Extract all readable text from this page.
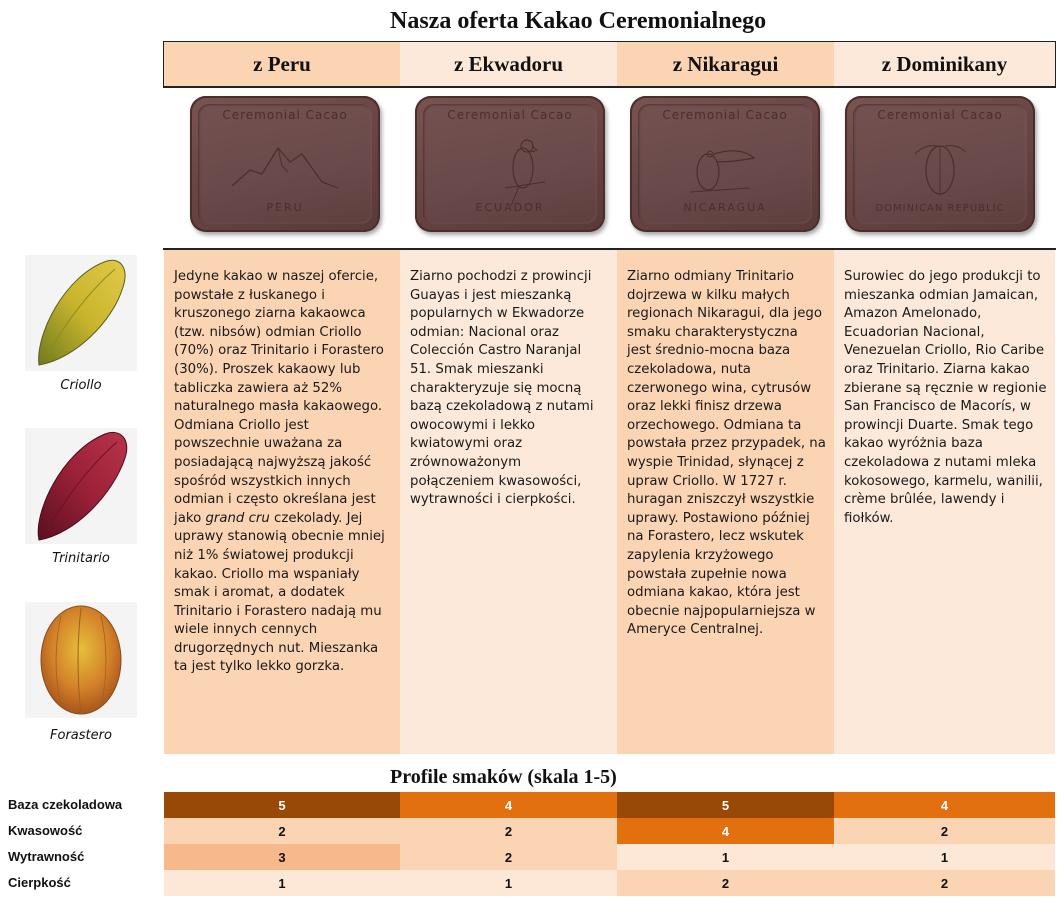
Nasza oferta Kakao Ceremonialnego
z Peru	z Ekwadoru	z Nikaragui	z Dominikany
Ceremonial Cacao
PERU
Ceremonial Cacao
ECUADOR
Ceremonial Cacao
NICARAGUA
Ceremonial Cacao
DOMINICAN REPUBLIC
Jedyne kakao w naszej ofercie, powstałe z łuskanego i kruszonego ziarna kakaowca (tzw. nibsów) odmian Criollo (70%) oraz Trinitario i Forastero (30%). Proszek kakaowy lub tabliczka zawiera aż 52% naturalnego masła kakaowego. Odmiana Criollo jest powszechnie uważana za posiadającą najwyższą jakość spośród wszystkich innych odmian i często określana jest jako grand cru czekolady. Jej uprawy stanowią obecnie mniej niż 1% światowej produkcji kakao. Criollo ma wspaniały smak i aromat, a dodatek Trinitario i Forastero nadają mu wiele innych cennych drugorzędnych nut. Mieszanka ta jest tylko lekko gorzka.
Ziarno pochodzi z prowincji Guayas i jest mieszanką popularnych w Ekwadorze odmian: Nacional oraz Colección Castro Naranjal  51. Smak mieszanki charakteryzuje się mocną bazą czekoladową z nutami owocowymi i lekko kwiatowymi oraz zrównoważonym połączeniem kwasowości, wytrawności i cierpkości.
Ziarno odmiany Trinitario dojrzewa w kilku małych regionach Nikaragui, dla jego smaku charakterystyczna jest średnio-mocna baza czekoladowa, nuta czerwonego wina, cytrusów oraz lekki finisz drzewa orzechowego. Odmiana ta powstała przez przypadek, na wyspie Trinidad, słynącej z upraw Criollo. W 1727 r. huragan zniszczył wszystkie uprawy. Postawiono później na Forastero, lecz wskutek zapylenia krzyżowego powstała zupełnie nowa odmiana kakao, która jest obecnie najpopularniejsza w Ameryce Centralnej.
Surowiec do jego produkcji to mieszanka odmian Jamaican, Amazon Amelonado, Ecuadorian Nacional, Venezuelan Criollo, Rio Caribe oraz Trinitario. Ziarna kakao zbierane są ręcznie w regionie San Francisco de Macorís, w prowincji Duarte. Smak tego kakao wyróżnia baza czekoladowa z nutami mleka kokosowego, karmelu, wanilii, crème brûlée, lawendy i fiołków.
Criollo
Trinitario
Forastero
Profile smaków (skala 1-5)
Baza czekoladowa	5	4	5	4
Kwasowość	2	2	4	2
Wytrawność	3	2	1	1
Cierpkość	1	1	2	2
